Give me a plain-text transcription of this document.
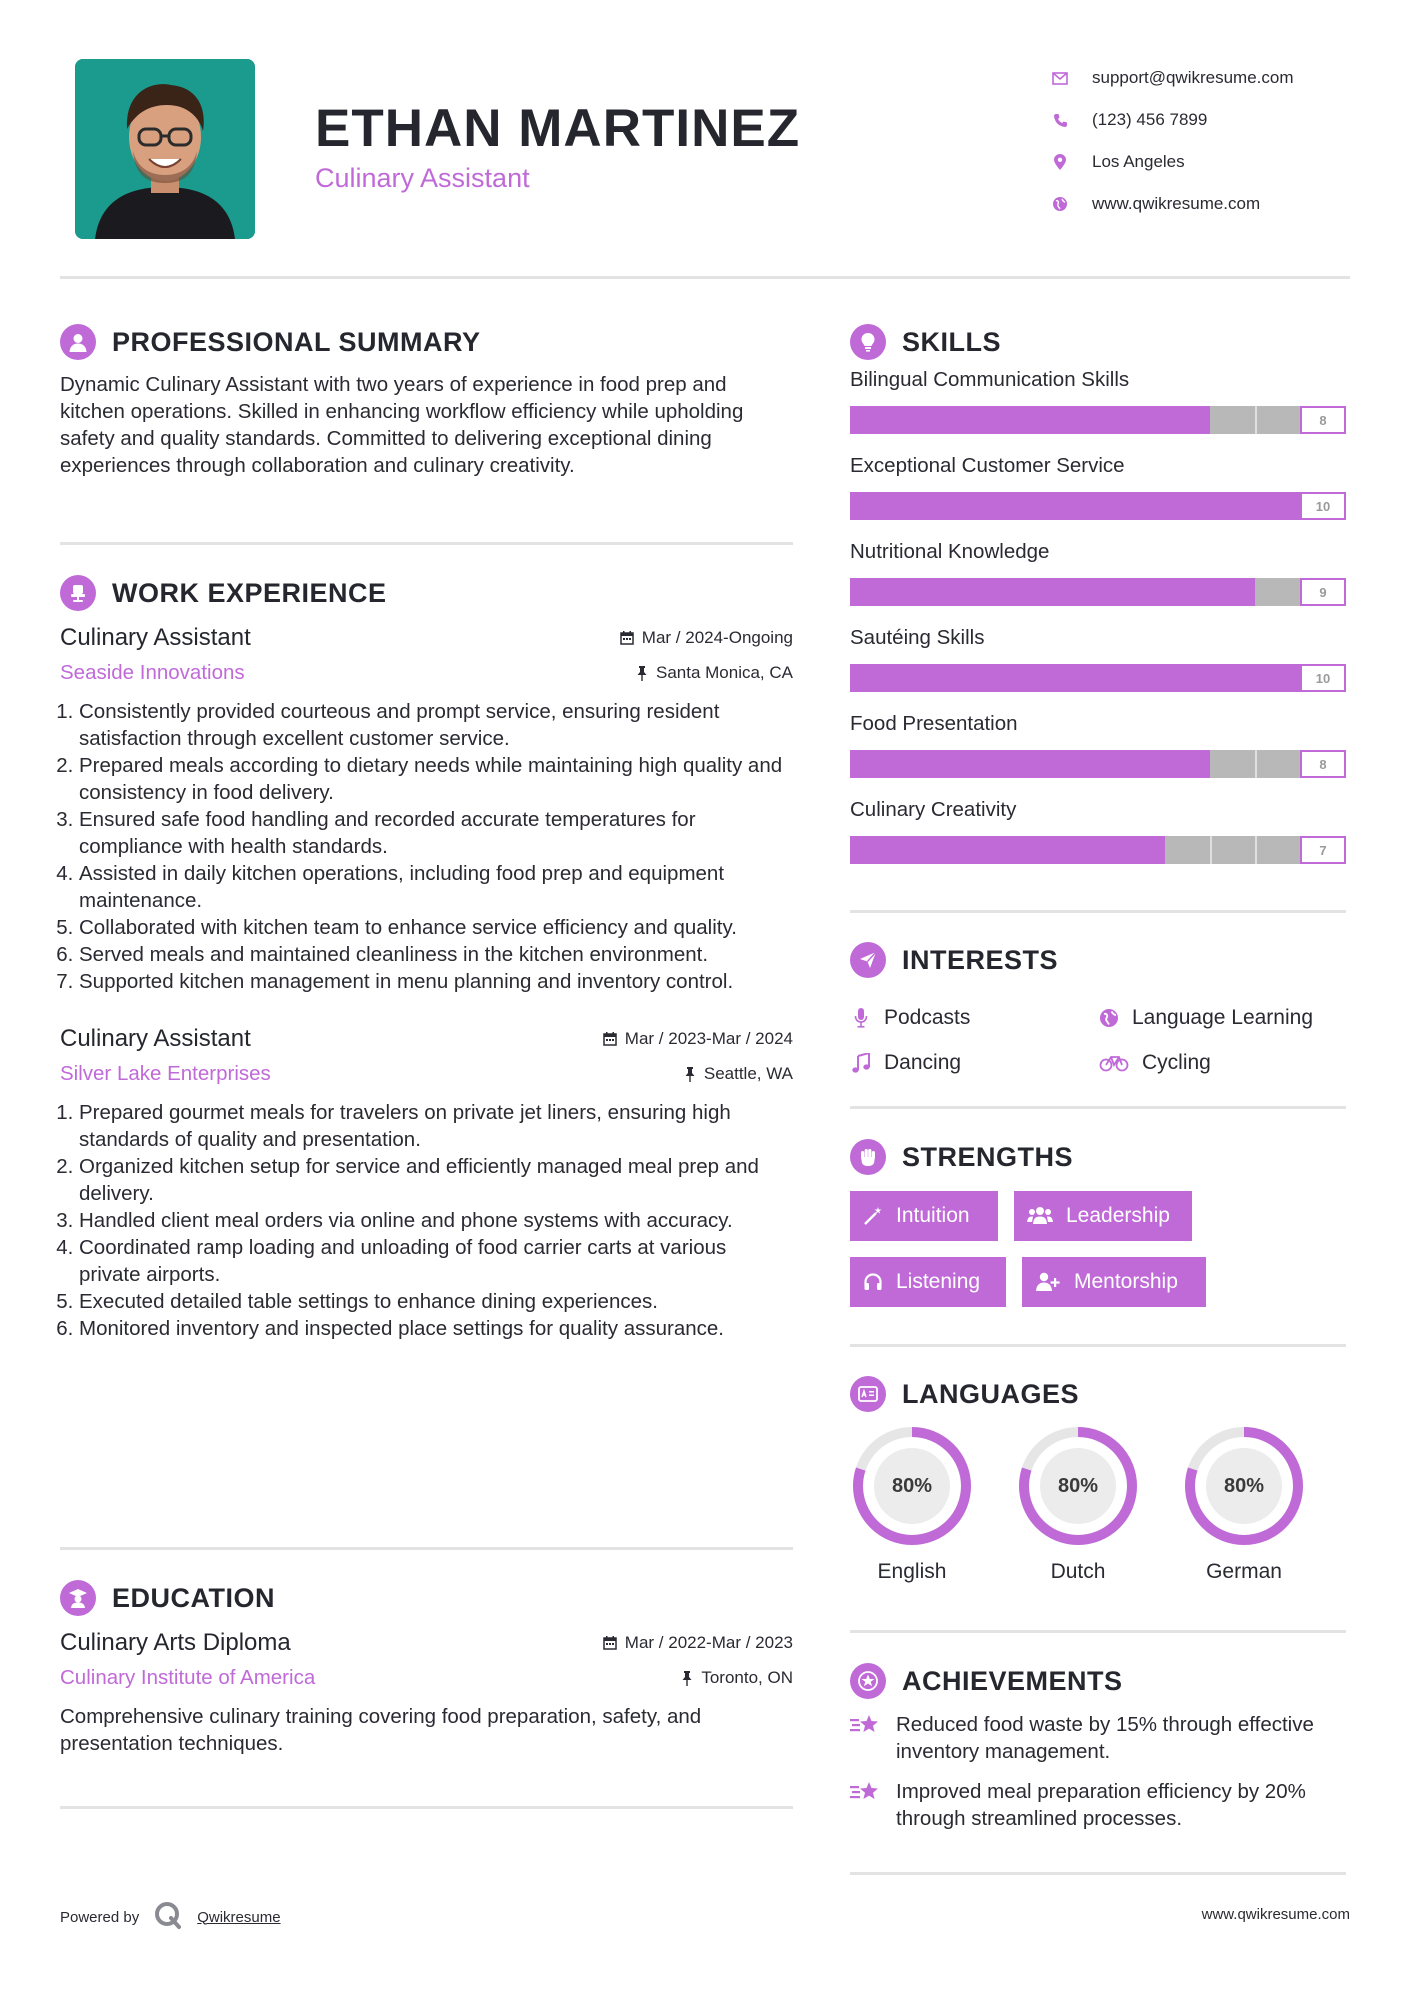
ETHAN MARTINEZ
Culinary Assistant
support@qwikresume.com
(123) 456 7899
Los Angeles
www.qwikresume.com
PROFESSIONAL SUMMARY
Dynamic Culinary Assistant with two years of experience in food prep and kitchen operations. Skilled in enhancing workflow efficiency while upholding safety and quality standards. Committed to delivering exceptional dining experiences through collaboration and culinary creativity.
WORK EXPERIENCE
Culinary Assistant	Mar / 2024-Ongoing
Seaside Innovations	Santa Monica, CA
1. Consistently provided courteous and prompt service, ensuring resident satisfaction through excellent customer service.
2. Prepared meals according to dietary needs while maintaining high quality and consistency in food delivery.
3. Ensured safe food handling and recorded accurate temperatures for compliance with health standards.
4. Assisted in daily kitchen operations, including food prep and equipment maintenance.
5. Collaborated with kitchen team to enhance service efficiency and quality.
6. Served meals and maintained cleanliness in the kitchen environment.
7. Supported kitchen management in menu planning and inventory control.
Culinary Assistant	Mar / 2023-Mar / 2024
Silver Lake Enterprises	Seattle, WA
1. Prepared gourmet meals for travelers on private jet liners, ensuring high standards of quality and presentation.
2. Organized kitchen setup for service and efficiently managed meal prep and delivery.
3. Handled client meal orders via online and phone systems with accuracy.
4. Coordinated ramp loading and unloading of food carrier carts at various private airports.
5. Executed detailed table settings to enhance dining experiences.
6. Monitored inventory and inspected place settings for quality assurance.
EDUCATION
Culinary Arts Diploma	Mar / 2022-Mar / 2023
Culinary Institute of America	Toronto, ON
Comprehensive culinary training covering food preparation, safety, and presentation techniques.
SKILLS
Bilingual Communication Skills
8
Exceptional Customer Service
10
Nutritional Knowledge
9
Sautéing Skills
10
Food Presentation
8
Culinary Creativity
7
INTERESTS
Podcasts	Language Learning
Dancing	Cycling
STRENGTHS
Intuition	Leadership
Listening	Mentorship
LANGUAGES
80%
English
80%
Dutch
80%
German
ACHIEVEMENTS
Reduced food waste by 15% through effective inventory management.
Improved meal preparation efficiency by 20% through streamlined processes.
Powered by	Qwikresume	www.qwikresume.com
